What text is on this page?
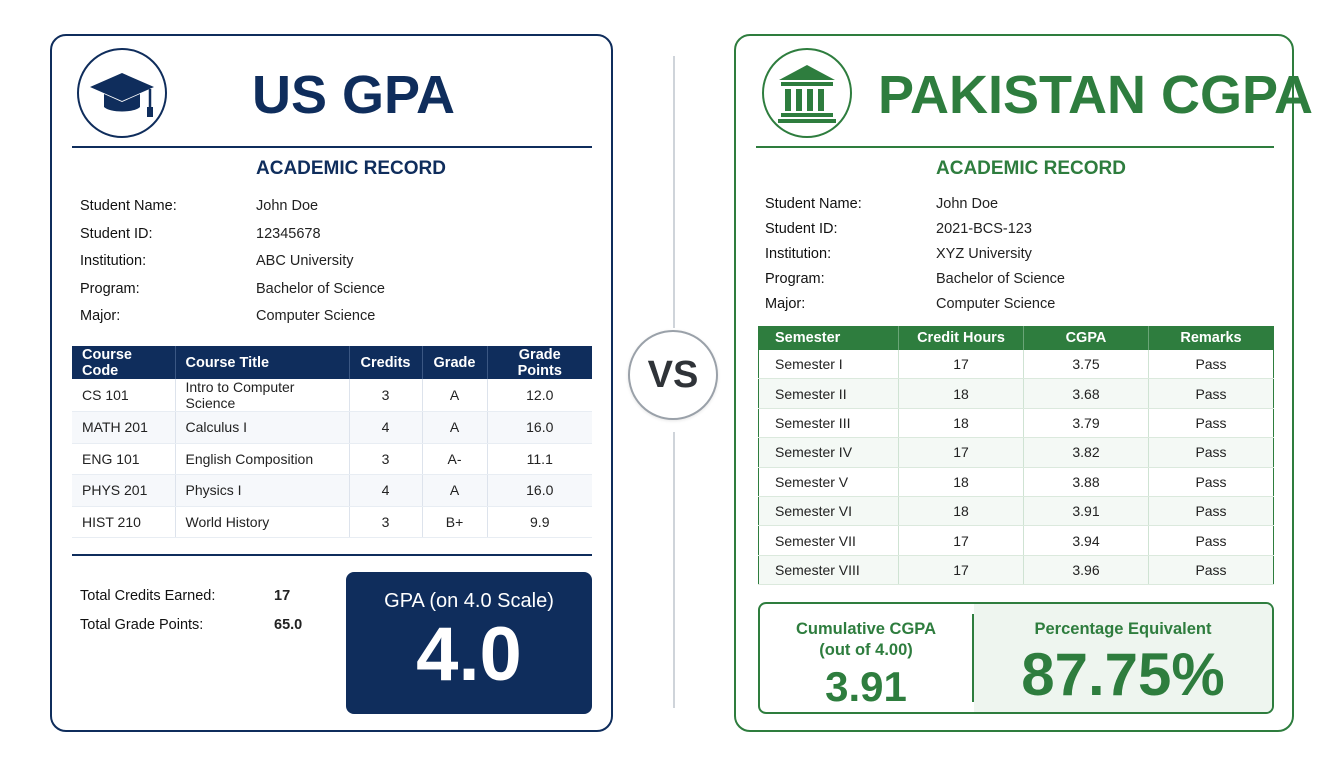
VS
US GPA
ACADEMIC RECORD
Student Name:	John Doe
Student ID:	12345678
Institution:	ABC University
Program:	Bachelor of Science
Major:	Computer Science
Course Code	Course Title	Credits	Grade	Grade Points
CS 101	Intro to Computer Science	3	A	12.0
MATH 201	Calculus I	4	A	16.0
ENG 101	English Composition	3	A-	11.1
PHYS 201	Physics I	4	A	16.0
HIST 210	World History	3	B+	9.9
Total Credits Earned:	17
Total Grade Points:	65.0
GPA (on 4.0 Scale)
4.0
PAKISTAN CGPA
ACADEMIC RECORD
Student Name:	John Doe
Student ID:	2021-BCS-123
Institution:	XYZ University
Program:	Bachelor of Science
Major:	Computer Science
Semester	Credit Hours	CGPA	Remarks
Semester I	17	3.75	Pass
Semester II	18	3.68	Pass
Semester III	18	3.79	Pass
Semester IV	17	3.82	Pass
Semester V	18	3.88	Pass
Semester VI	18	3.91	Pass
Semester VII	17	3.94	Pass
Semester VIII	17	3.96	Pass
Cumulative CGPA
(out of 4.00)
3.91
Percentage Equivalent
87.75%
